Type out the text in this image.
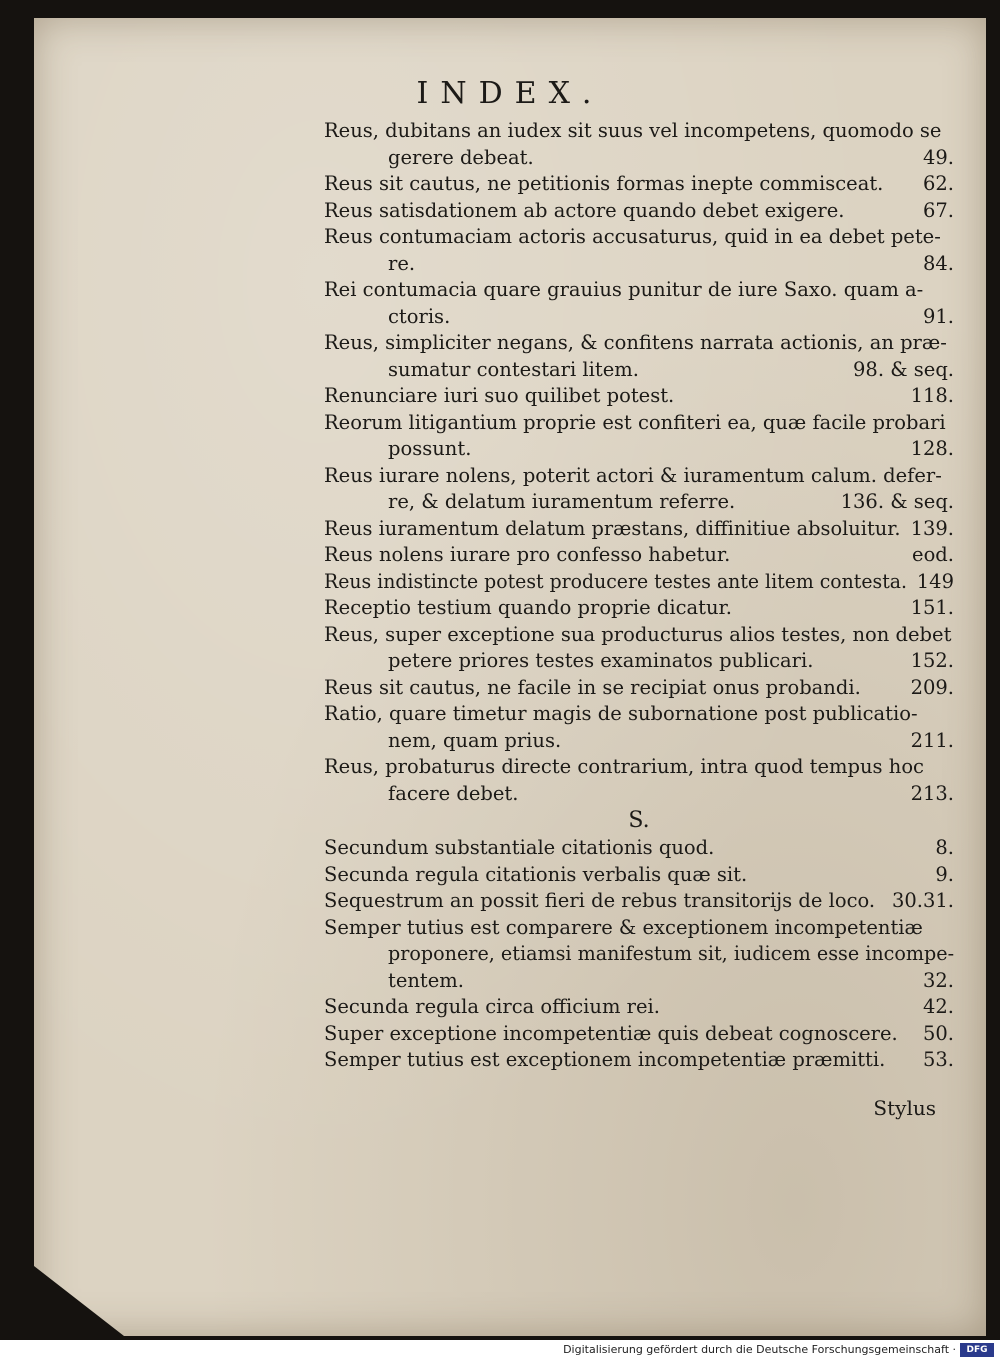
INDEX.
Reus, dubitans an iudex sit suus vel incompetens, quomodo se
gerere debeat.	49.
Reus sit cautus, ne petitionis formas inepte commisceat. 62.
Reus satisdationem ab actore quando debet exigere.	67.
Reus contumaciam actoris accusaturus, quid in ea debet pete-
re.	84.
Rei contumacia quare grauius punitur de iure Saxo. quam a-
ctoris.	91.
Reus, simpliciter negans, & confitens narrata actionis, an præ-
sumatur contestari litem.	98. & seq.
Renunciare iuri suo quilibet potest.	118.
Reorum litigantium proprie est confiteri ea, quæ facile probari
possunt.	128.
Reus iurare nolens, poterit actori & iuramentum calum. defer-
re, & delatum iuramentum referre.	136. & seq.
Reus iuramentum delatum præstans, diffinitiue absoluitur. 139.
Reus nolens iurare pro confesso habetur.	eod.
Reus indistincte potest producere testes ante litem contesta. 149
Receptio testium quando proprie dicatur.	151.
Reus, super exceptione sua producturus alios testes, non debet
petere priores testes examinatos publicari.	152.
Reus sit cautus, ne facile in se recipiat onus probandi.	209.
Ratio, quare timetur magis de subornatione post publicatio-
nem, quam prius.	211.
Reus, probaturus directe contrarium, intra quod tempus hoc
facere debet.	213.
S.
Secundum substantiale citationis quod.	8.
Secunda regula citationis verbalis quæ sit.	9.
Sequestrum an possit fieri de rebus transitorijs de loco. 30.31.
Semper tutius est comparere & exceptionem incompetentiæ
proponere, etiamsi manifestum sit, iudicem esse incompe-
tentem.	32.
Secunda regula circa officium rei.	42.
Super exceptione incompetentiæ quis debeat cognoscere. 50.
Semper tutius est exceptionem incompetentiæ præmitti. 53.
Stylus
Digitalisierung gefördert durch die Deutsche Forschungsgemeinschaft ·	DFG
